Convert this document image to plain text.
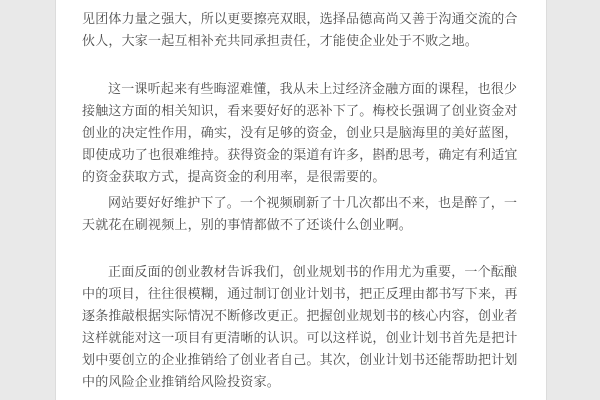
见团体力量之强大，所以更要擦亮双眼，选择品德高尚又善于沟通交流的合伙人，大家一起互相补充共同承担责任，才能使企业处于不败之地。

这一课听起来有些晦涩难懂，我从未上过经济金融方面的课程，也很少接触这方面的相关知识，看来要好好的恶补下了。梅校长强调了创业资金对创业的决定性作用，确实，没有足够的资金，创业只是脑海里的美好蓝图，即使成功了也很难维持。获得资金的渠道有许多，斟酌思考，确定有利适宜的资金获取方式，提高资金的利用率，是很需要的。

网站要好好维护下了。一个视频刷新了十几次都出不来，也是醉了，一天就花在刷视频上，别的事情都做不了还谈什么创业啊。

正面反面的创业教材告诉我们，创业规划书的作用尤为重要，一个酝酿中的项目，往往很模糊，通过制订创业计划书，把正反理由都书写下来，再逐条推敲根据实际情况不断修改更正。把握创业规划书的核心内容，创业者这样就能对这一项目有更清晰的认识。可以这样说，创业计划书首先是把计划中要创立的企业推销给了创业者自己。其次，创业计划书还能帮助把计划中的风险企业推销给风险投资家。
